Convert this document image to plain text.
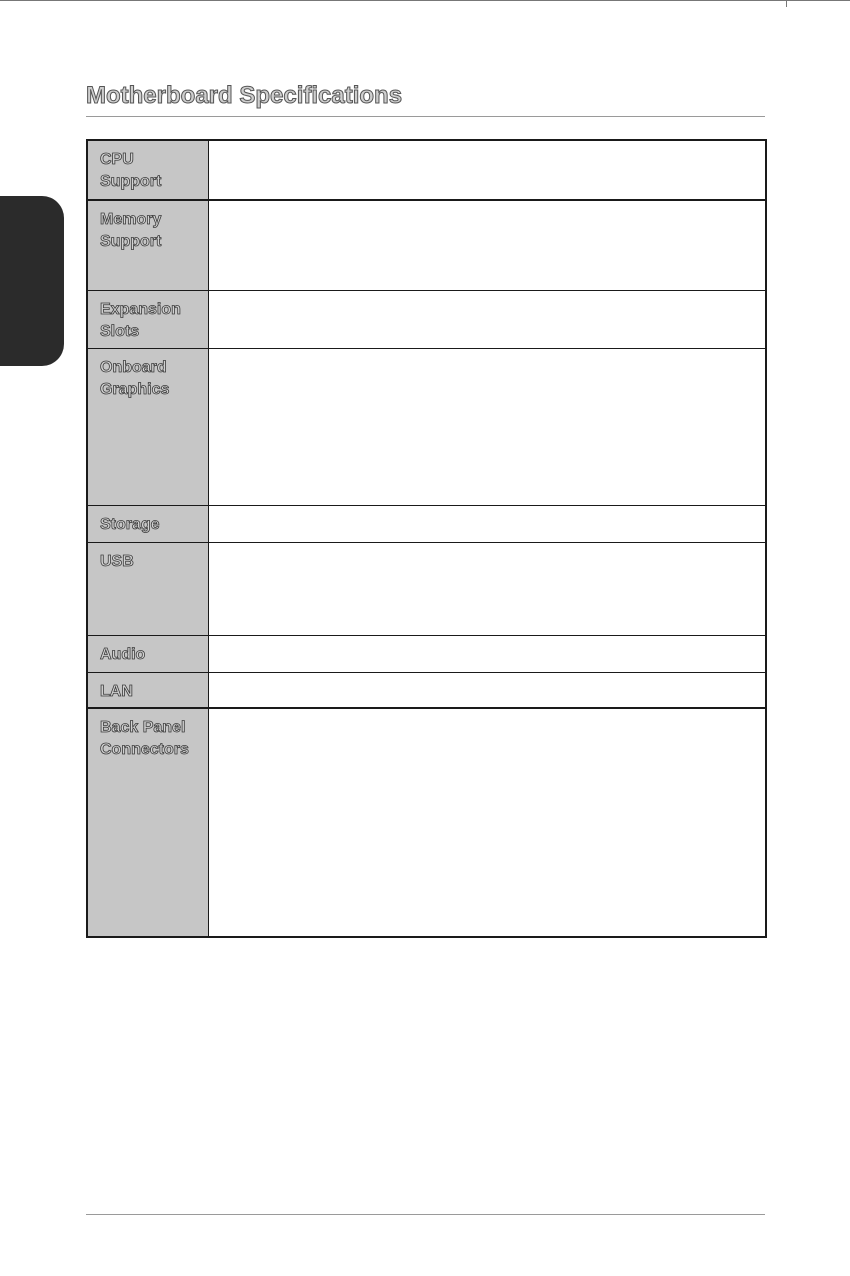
Motherboard Specifications
CPU
Support	

Memory
Support	

Expansion
Slots	

Onboard
Graphics	

Storage	

USB	

Audio	

LAN	

Back Panel
Connectors	
